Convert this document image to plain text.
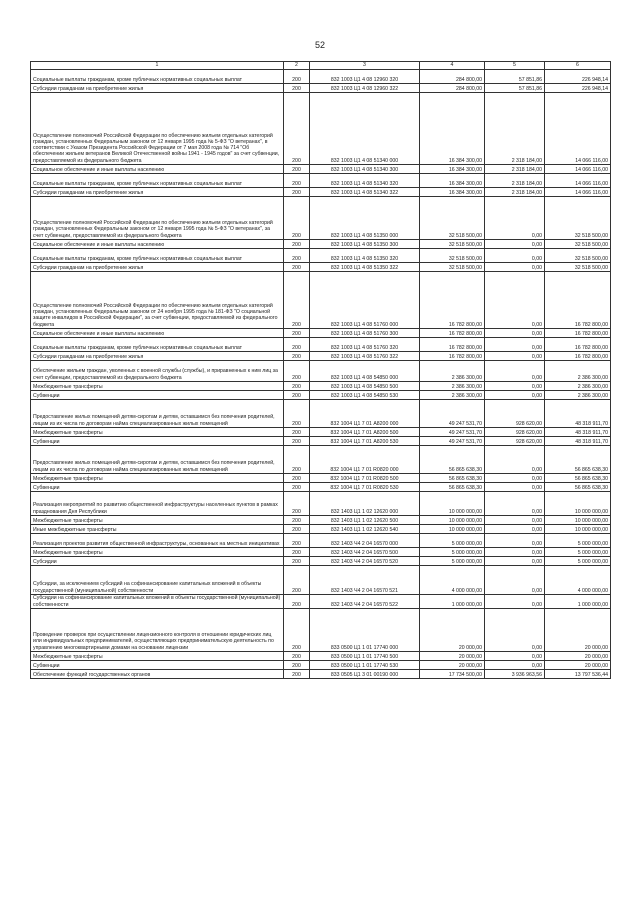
52
1	2	3	4	5	6
Социальные выплаты гражданам, кроме публичных нормативных социальных выплат	200	832 1003 Ц1 4 08 12960 320	284 800,00	57 851,86	226 948,14
Субсидии гражданам на приобретение жилья	200	832 1003 Ц1 4 08 12960 322	284 800,00	57 851,86	226 948,14
Осуществление полномочий Российской Федерации по обеспечению жильем отдельных категорий граждан, установленных Федеральным законом от 12 января 1995 года № 5-ФЗ "О ветеранах", в соответствии с Указом Президента Российской Федерации от 7 мая 2008 года № 714 "Об обеспечении жильем ветеранов Великой Отечественной войны 1941 - 1945 годов" за счет субвенции, предоставляемой из федерального бюджета	200	832 1003 Ц1 4 08 51340 000	16 384 300,00	2 318 184,00	14 066 116,00
Социальное обеспечение и иные выплаты населению	200	832 1003 Ц1 4 08 51340 300	16 384 300,00	2 318 184,00	14 066 116,00
Социальные выплаты гражданам, кроме публичных нормативных социальных выплат	200	832 1003 Ц1 4 08 51340 320	16 384 300,00	2 318 184,00	14 066 116,00
Субсидии гражданам на приобретение жилья	200	832 1003 Ц1 4 08 51340 322	16 384 300,00	2 318 184,00	14 066 116,00
Осуществление полномочий Российской Федерации по обеспечению жильем отдельных категорий граждан, установленных Федеральным законом от 12 января 1995 года № 5-ФЗ "О ветеранах", за счет субвенции, предоставляемой из федерального бюджета	200	832 1003 Ц1 4 08 51350 000	32 518 500,00	0,00	32 518 500,00
Социальное обеспечение и иные выплаты населению	200	832 1003 Ц1 4 08 51350 300	32 518 500,00	0,00	32 518 500,00
Социальные выплаты гражданам, кроме публичных нормативных социальных выплат	200	832 1003 Ц1 4 08 51350 320	32 518 500,00	0,00	32 518 500,00
Субсидии гражданам на приобретение жилья	200	832 1003 Ц1 4 08 51350 322	32 518 500,00	0,00	32 518 500,00
Осуществление полномочий Российской Федерации по обеспечению жильем отдельных категорий граждан, установленных Федеральным законом от 24 ноября 1995 года № 181-ФЗ "О социальной защите инвалидов в Российской Федерации", за счет субвенции, предоставляемой из федерального бюджета	200	832 1003 Ц1 4 08 51760 000	16 782 800,00	0,00	16 782 800,00
Социальное обеспечение и иные выплаты населению	200	832 1003 Ц1 4 08 51760 300	16 782 800,00	0,00	16 782 800,00
Социальные выплаты гражданам, кроме публичных нормативных социальных выплат	200	832 1003 Ц1 4 08 51760 320	16 782 800,00	0,00	16 782 800,00
Субсидии гражданам на приобретение жилья	200	832 1003 Ц1 4 08 51760 322	16 782 800,00	0,00	16 782 800,00
Обеспечение жильем граждан, уволенных с военной службы (службы), и приравненных к ним лиц за счет субвенции, предоставляемой из федерального бюджета	200	832 1003 Ц1 4 08 54850 000	2 386 300,00	0,00	2 386 300,00
Межбюджетные трансферты	200	832 1003 Ц1 4 08 54850 500	2 386 300,00	0,00	2 386 300,00
Субвенции	200	832 1003 Ц1 4 08 54850 530	2 386 300,00	0,00	2 386 300,00
Предоставление жилых помещений детям-сиротам и детям, оставшимся без попечения родителей, лицам из их числа по договорам найма специализированных жилых помещений	200	832 1004 Ц1 7 01 A8200 000	49 247 531,70	928 620,00	48 318 911,70
Межбюджетные трансферты	200	832 1004 Ц1 7 01 A8200 500	49 247 531,70	928 620,00	48 318 911,70
Субвенции	200	832 1004 Ц1 7 01 A8200 530	49 247 531,70	928 620,00	48 318 911,70
Предоставление жилых помещений детям-сиротам и детям, оставшимся без попечения родителей, лицам из их числа по договорам найма специализированных жилых помещений	200	832 1004 Ц1 7 01 R0820 000	56 865 638,30	0,00	56 865 638,30
Межбюджетные трансферты	200	832 1004 Ц1 7 01 R0820 500	56 865 638,30	0,00	56 865 638,30
Субвенции	200	832 1004 Ц1 7 01 R0820 530	56 865 638,30	0,00	56 865 638,30
Реализация мероприятий по развитию общественной инфраструктуры населенных пунктов в рамках празднования Дня Республики	200	832 1403 Ц1 1 02 12620 000	10 000 000,00	0,00	10 000 000,00
Межбюджетные трансферты	200	832 1403 Ц1 1 02 12620 500	10 000 000,00	0,00	10 000 000,00
Иные межбюджетные трансферты	200	832 1403 Ц1 1 02 12620 540	10 000 000,00	0,00	10 000 000,00
Реализация проектов развития общественной инфраструктуры, основанных на местных инициативах	200	832 1403 Ч4 2 04 16570 000	5 000 000,00	0,00	5 000 000,00
Межбюджетные трансферты	200	832 1403 Ч4 2 04 16570 500	5 000 000,00	0,00	5 000 000,00
Субсидии	200	832 1403 Ч4 2 04 16570 520	5 000 000,00	0,00	5 000 000,00
Субсидии, за исключением субсидий на софинансирование капитальных вложений в объекты государственной (муниципальной) собственности	200	832 1403 Ч4 2 04 16570 521	4 000 000,00	0,00	4 000 000,00
Субсидии на софинансирование капитальных вложений в объекты государственной (муниципальной) собственности	200	832 1403 Ч4 2 04 16570 522	1 000 000,00	0,00	1 000 000,00
Проведение проверок при осуществлении лицензионного контроля в отношении юридических лиц или индивидуальных предпринимателей, осуществляющих предпринимательскую деятельность по управлению многоквартирными домами на основании лицензии	200	833 0500 Ц1 1 01 17740 000	20 000,00	0,00	20 000,00
Межбюджетные трансферты	200	833 0500 Ц1 1 01 17740 500	20 000,00	0,00	20 000,00
Субвенции	200	833 0500 Ц1 1 01 17740 530	20 000,00	0,00	20 000,00
Обеспечение функций государственных органов	200	833 0505 Ц1 3 01 00190 000	17 734 500,00	3 936 963,56	13 797 536,44
